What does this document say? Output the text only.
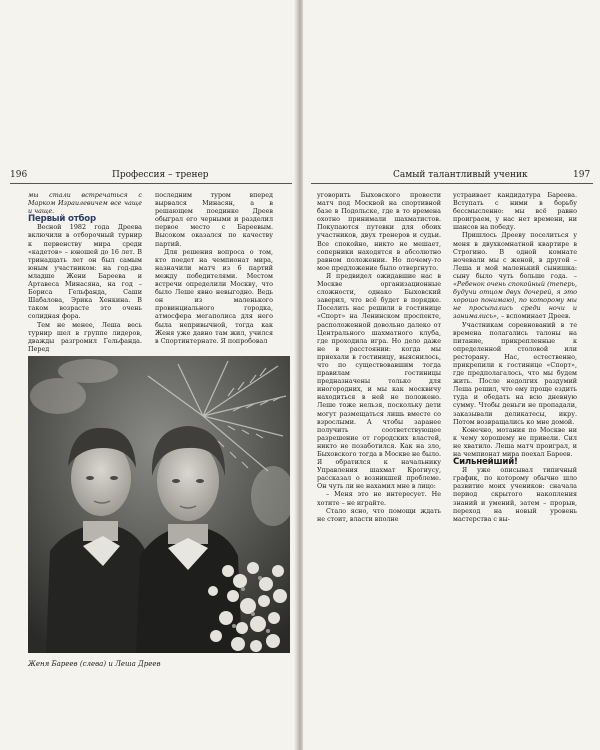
196	Профессия – тренер

мы стали встречаться с Марком Израилевичем все чаще и чаще.

Первый отбор

Весной 1982 года Дреева включили в отборочный турнир к первенству мира среди «кадетов» – юношей до 16 лет. В тринадцать лет он был самым юным участником: на год-два младше Жени Бареева и Артавеса Минасяна, на год – Бориса Гельфанда, Саши Шабалова, Эрика Хенкина. В таком возрасте это очень солидная фора.

Тем не менее, Леша весь турнир шел в группе лидеров, дважды разгромил Гельфанда. Перед

последним туром вперед вырвался Минасян, а в решающем поединке Дреев обыграл его черными и разделил первое место с Бареевым. Высоком оказался по качеству партий.

Для решения вопроса о том, кто поедет на чемпионат мира, назначили матч из 6 партий между победителями. Местом встречи определили Москву, что было Леше явно невыгодно. Ведь он из маленького провинциального городка, атмосфера мегаполиса для него была непривычной, тогда как Женя уже давно там жил, учился в Спортинтернате. Я попробовал

Женя Бареев (слева) и Леша Дреев
Самый талантливый ученик	197

уговорить Быховского провести матч под Москвой на спортивной базе в Подольске, где в то времена охотно принимали шахматистов. Покупаются путевки для обоих участников, двух тренеров и судьи. Все спокойно, никто не мешает, соперники находятся в абсолютно равном положении. Но почему-то мое предложение было отвергнуто.

Я предвидел ожидавшие нас в Москве организационные сложности, однако Быховский заверил, что всё будет в порядке. Поселить нас решили в гостинице «Спорт» на Ленинском проспекте, расположенной довольно далеко от Центрального шахматного клуба, где проходила игра. Но дело даже не в расстоянии: когда мы приехали в гостиницу, выяснилось, что по существовавшим тогда правилам гостиницы предназначены только для иногородних, и мы как москвичу находиться в ней не положено. Леше тоже нельзя, поскольку дети могут размещаться лишь вместе со взрослыми. А чтобы заранее получить соответствующее разрешение от городских властей, никто не позаботился. Как на зло, Быховского тогда в Москве не было. Я обратился к начальнику Управления шахмат Крогиусу, рассказал о возникшей проблеме. Он чуть ли не нахамил мне в лицо:

– Меня это не интересует. Не хотите – не играйте.

Стало ясно, что помощи ждать не стоит, власти вполне

устраивает кандидатура Бареева. Вступать с ними в борьбу бессмысленно: мы всё равно проиграем, у нас нет времени, ни шансов на победу.

Пришлось Дрееву поселиться у меня в двухкомнатной квартире в Строгино. В одной комнате ночевали мы с женой, в другой – Леша и мой маленький сынишка: сыну было чуть больше года. – «Ребенок очень спокойный (теперь, будучи отцом двух дочерей, я это хорошо понимаю), по которому мы не просыпались среди ночи и занимались», – вспоминает Дреев.

Участникам соревнований в те времена полагались талоны на питание, прикрепленные к определенной столовой или ресторану. Нас, естественно, прикрепили к гостинице «Спорт», где предполагалось, что мы будем жить. После недолгих раздумий Леша решил, что ему проще ездить туда и обедать на всю дневную сумму. Чтобы деньги не пропадали, заказывали деликатесы, икру. Потом возвращались ко мне домой.

Конечно, мотания по Москве ни к чему хорошему не привели. Сил не хватило. Леша матч проиграл, и на чемпионат мира поехал Бареев.

Сильнейший!

Я уже описывал типичный график, по которому обычно шло развитие моих учеников: сначала период скрытого накопления знаний и умений, затем – прорыв, переход на новый уровень мастерства с вы-
